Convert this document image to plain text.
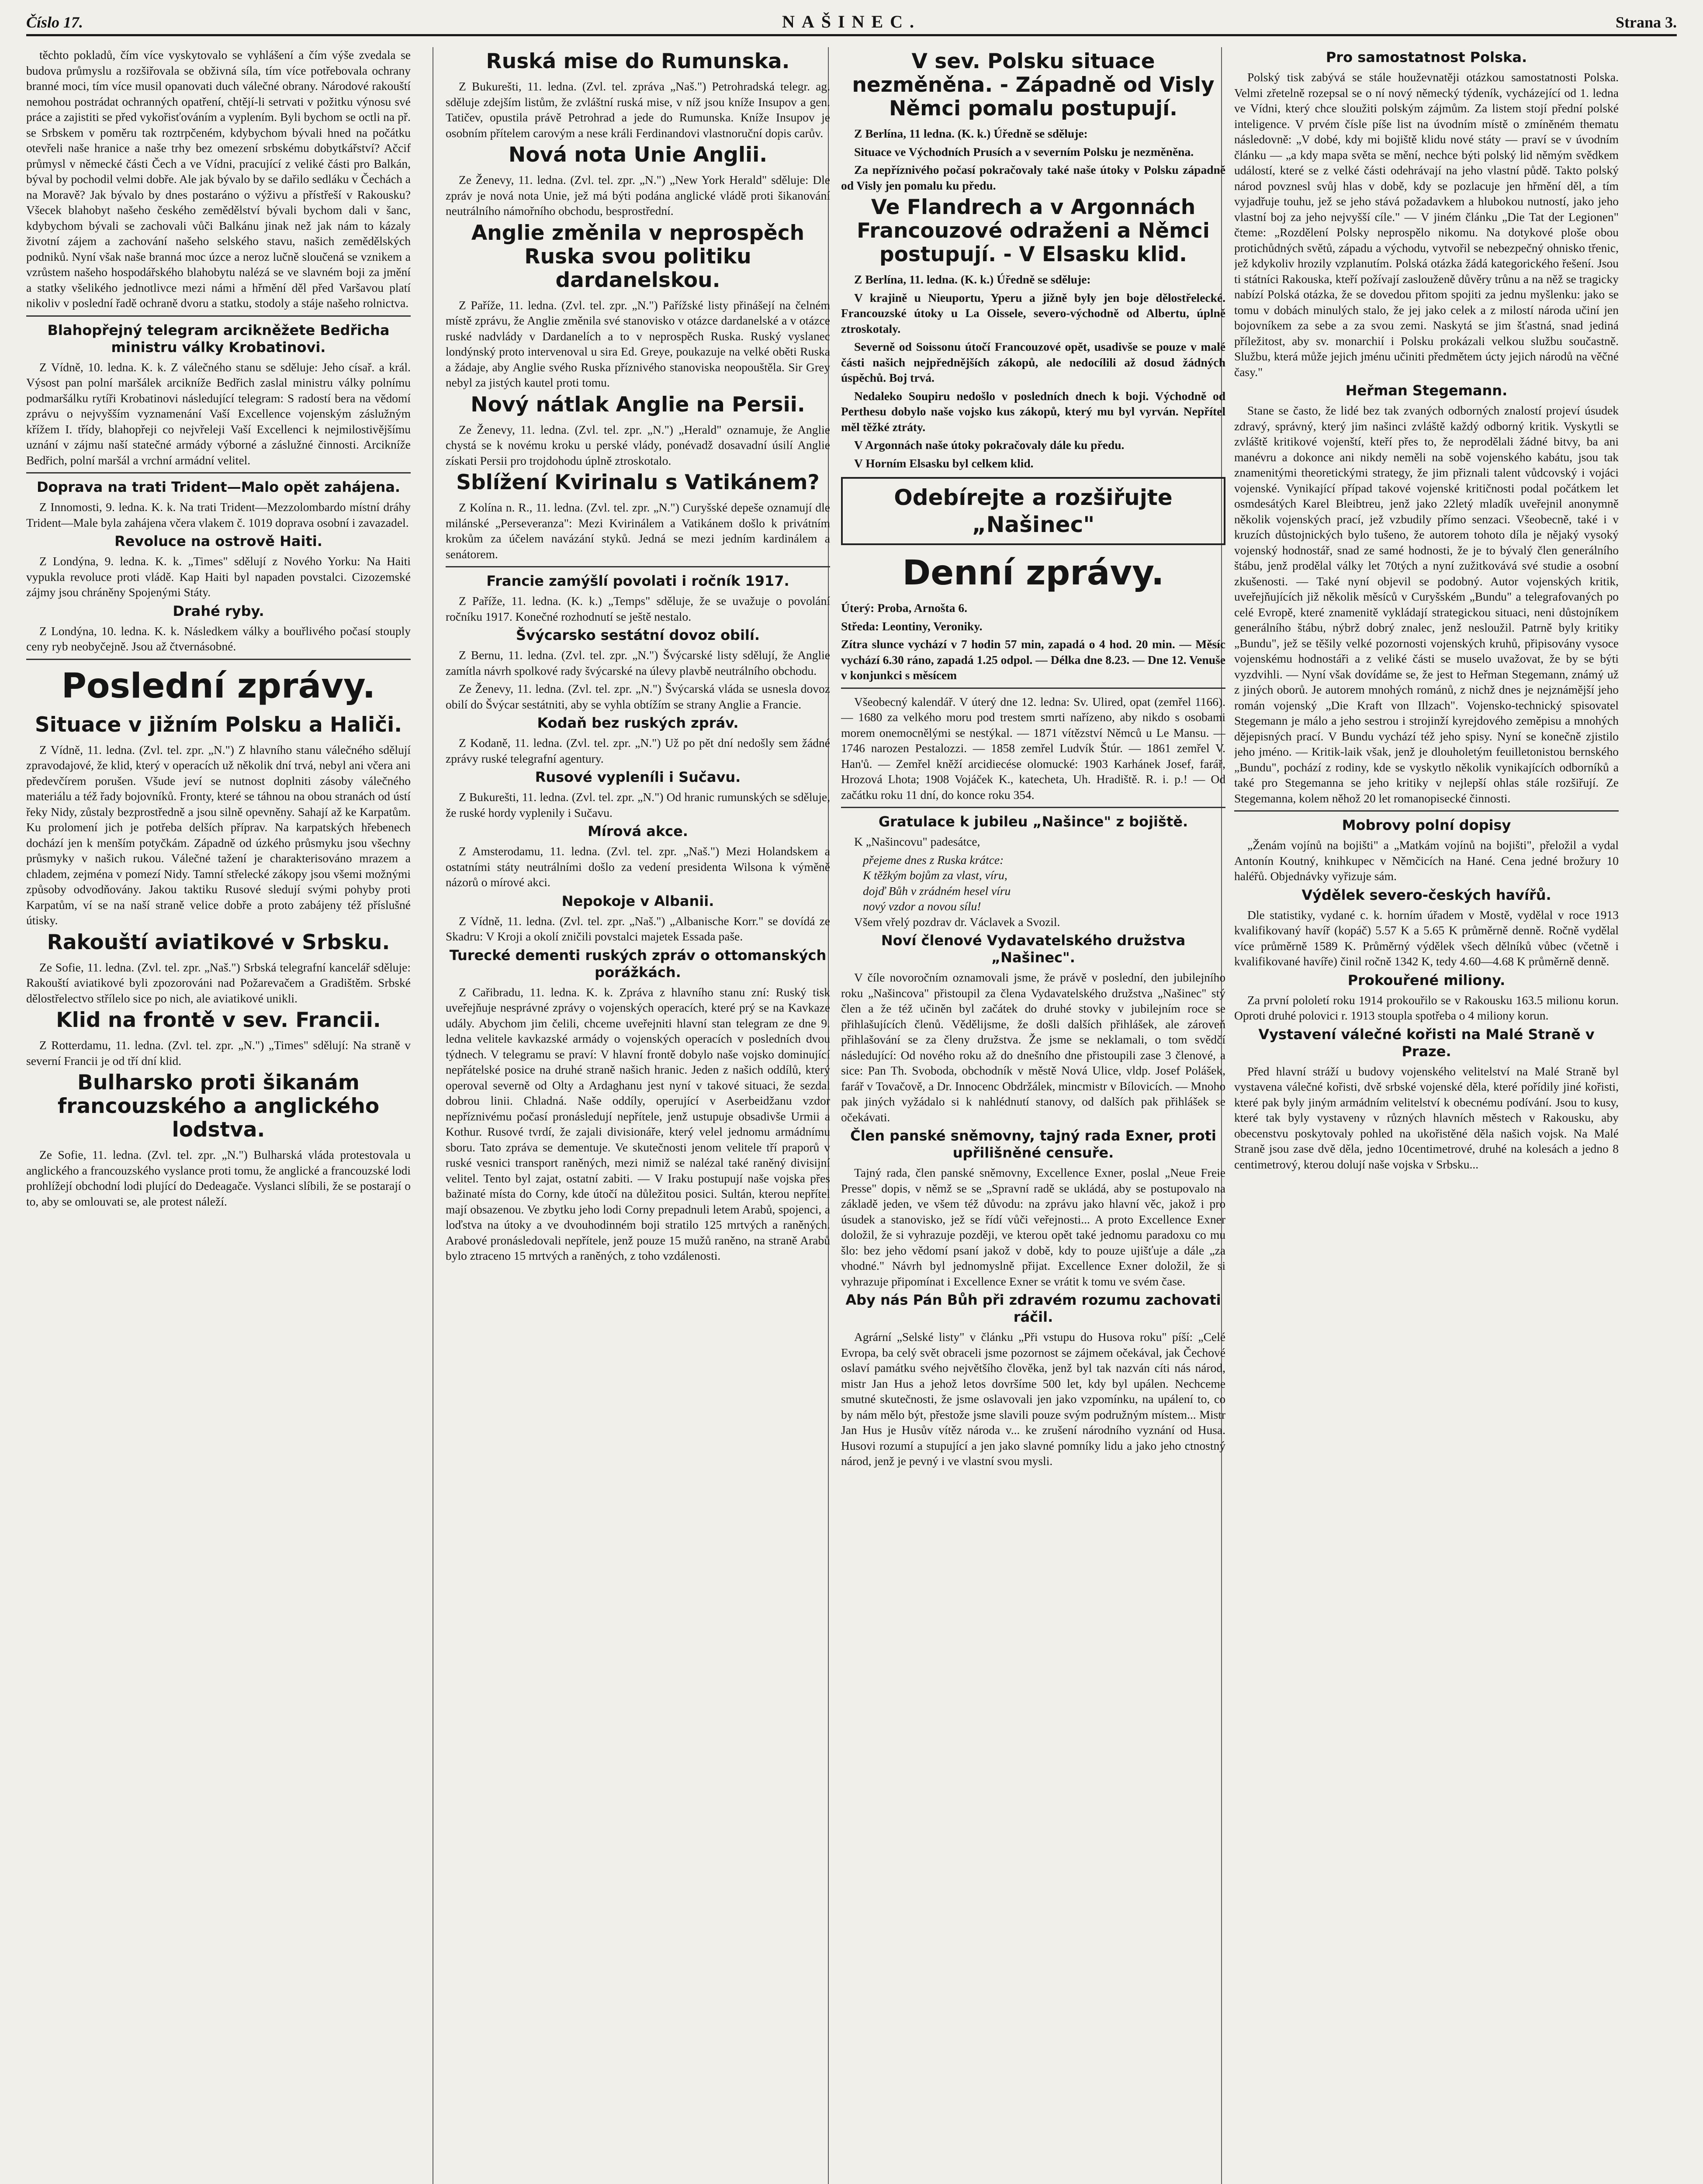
Číslo 17.	NAŠINEC.	Strana 3.

těchto pokladů, čím více vyskytovalo se vyhlášení a čím výše zvedala se budova průmyslu a rozšiřovala se obživná síla, tím více potřebovala ochrany branné moci, tím více musil opanovati duch válečné obrany. Národové rakouští nemohou postrádat ochranných opatření, chtějí-li setrvati v požitku výnosu své práce a zajistiti se před vykořisťováním a vyplením. Byli bychom se octli na př. se Srbskem v poměru tak roztrpčeném, kdybychom bývali hned na počátku otevřeli naše hranice a naše trhy bez omezení srbskému dobytkářství? Ačcif průmysl v německé části Čech a ve Vídni, pracující z veliké části pro Balkán, býval by pochodil velmi dobře. Ale jak bývalo by se dařilo sedláku v Čechách a na Moravě? Jak bývalo by dnes postaráno o výživu a přístřeší v Rakousku? Všecek blahobyt našeho českého zemědělství bývali bychom dali v šanc, kdybychom bývali se zachovali vůči Balkánu jinak než jak nám to kázaly životní zájem a zachování našeho selského stavu, našich zemědělských podniků. Nyní však naše branná moc úzce a neroz lučně sloučená se vznikem a vzrůstem našeho hospodářského blahobytu nalézá se ve slavném boji za jmění a statky všelikého jednotlivce mezi námi a hřmění děl před Varšavou platí nikoliv v poslední řadě ochraně dvoru a statku, stodoly a stáje našeho rolnictva.

Blahopřejný telegram arcikněžete Bedřicha ministru války Krobatinovi.

Z Vídně, 10. ledna. K. k. Z válečného stanu se sděluje: Jeho císař. a král. Výsost pan polní maršálek arcikníže Bedřich zaslal ministru války polnímu podmaršálku rytíři Krobatinovi následující telegram: S radostí bera na vědomí zprávu o nejvyšším vyznamenání Vaší Excellence vojenským záslužným křížem I. třídy, blahopřeji co nejvřeleji Vaší Excellenci k nejmilostivějšímu uznání v zájmu naší statečné armády výborné a záslužné činnosti. Arcikníže Bedřich, polní maršál a vrchní armádní velitel.

Doprava na trati Trident—Malo opět zahájena.

Z Innomosti, 9. ledna. K. k. Na trati Trident—Mezzolombardo místní dráhy Trident—Male byla zahájena včera vlakem č. 1019 doprava osobní i zavazadel.

Revoluce na ostrově Haiti.

Z Londýna, 9. ledna. K. k. „Times" sdělují z Nového Yorku: Na Haiti vypukla revoluce proti vládě. Kap Haiti byl napaden povstalci. Cizozemské zájmy jsou chráněny Spojenými Státy.

Drahé ryby.

Z Londýna, 10. ledna. K. k. Následkem války a bouřlivého počasí stouply ceny ryb neobyčejně. Jsou až čtvernásobné.

Poslední zprávy.
Situace v jižním Polsku a Haliči.

Z Vídně, 11. ledna. (Zvl. tel. zpr. „N.") Z hlavního stanu válečného sdělují zpravodajové, že klid, který v operacích už několik dní trvá, nebyl ani včera ani předevčírem porušen. Všude jeví se nutnost doplniti zásoby válečného materiálu a též řady bojovníků. Fronty, které se táhnou na obou stranách od ústí řeky Nidy, zůstaly bezprostředně a jsou silně opevněny. Sahají až ke Karpatům. Ku prolomení jich je potřeba delších příprav. Na karpatských hřebenech dochází jen k menším potyčkám. Západně od úzkého průsmyku jsou všechny průsmyky v našich rukou. Válečné tažení je charakterisováno mrazem a chladem, zejména v pomezí Nidy. Tamní střelecké zákopy jsou všemi možnými způsoby odvodňovány. Jakou taktiku Rusové sledují svými pohyby proti Karpatům, ví se na naší straně velice dobře a proto zabájeny též příslušné útisky.

Rakouští aviatikové v Srbsku.

Ze Sofie, 11. ledna. (Zvl. tel. zpr. „Naš.") Srbská telegrafní kancelář sděluje: Rakouští aviatikové byli zpozorováni nad Požarevačem a Gradištěm. Srbské dělostřelectvo střílelo sice po nich, ale aviatikové unikli.

Klid na frontě v sev. Francii.

Z Rotterdamu, 11. ledna. (Zvl. tel. zpr. „N.") „Times" sdělují: Na straně v severní Francii je od tří dní klid.

Bulharsko proti šikanám francouzského a anglického lodstva.

Ze Sofie, 11. ledna. (Zvl. tel. zpr. „N.") Bulharská vláda protestovala u anglického a francouzského vyslance proti tomu, že anglické a francouzské lodi prohlížejí obchodní lodi plující do Dedeagače. Vyslanci slíbili, že se postarají o to, aby se omlouvati se, ale protest náleží.

Ruská mise do Rumunska.

Z Bukurešti, 11. ledna. (Zvl. tel. zpráva „Naš.") Petrohradská telegr. ag. sděluje zdejším listům, že zvláštní ruská mise, v níž jsou kníže Insupov a gen. Tatičev, opustila právě Petrohrad a jede do Rumunska. Kníže Insupov je osobním přítelem carovým a nese králi Ferdinandovi vlastnoruční dopis carův.

Nová nota Unie Anglii.

Ze Ženevy, 11. ledna. (Zvl. tel. zpr. „N.") „New York Herald" sděluje: Dle zpráv je nová nota Unie, jež má býti podána anglické vládě proti šikanování neutrálního námořního obchodu, besprostřední.

Anglie změnila v neprospěch Ruska svou politiku dardanelskou.

Z Paříže, 11. ledna. (Zvl. tel. zpr. „N.") Pařížské listy přinášejí na čelném místě zprávu, že Anglie změnila své stanovisko v otázce dardanelské a v otázce ruské nadvlády v Dardanelích a to v neprospěch Ruska. Ruský vyslanec londýnský proto intervenoval u sira Ed. Greye, poukazuje na velké oběti Ruska a žádaje, aby Anglie svého Ruska příznivého stanoviska neopouštěla. Sir Grey nebyl za jistých kautel proti tomu.

Nový nátlak Anglie na Persii.

Ze Ženevy, 11. ledna. (Zvl. tel. zpr. „N.") „Herald" oznamuje, že Anglie chystá se k novému kroku u perské vlády, ponévadž dosavadní úsilí Anglie získati Persii pro trojdohodu úplně ztroskotalo.

Sblížení Kvirinalu s Vatikánem?

Z Kolína n. R., 11. ledna. (Zvl. tel. zpr. „N.") Curyšské depeše oznamují dle milánské „Perseveranza": Mezi Kvirinálem a Vatikánem došlo k privátním krokům za účelem navázání styků. Jedná se mezi jedním kardinálem a senátorem.

Francie zamýšlí povolati i ročník 1917.

Z Paříže, 11. ledna. (K. k.) „Temps" sděluje, že se uvažuje o povolání ročníku 1917. Konečné rozhodnutí se ještě nestalo.

Švýcarsko sestátní dovoz obilí.

Z Bernu, 11. ledna. (Zvl. tel. zpr. „N.") Švýcarské listy sdělují, že Anglie zamítla návrh spolkové rady švýcarské na úlevy plavbě neutrálního obchodu.

Ze Ženevy, 11. ledna. (Zvl. tel. zpr. „N.") Švýcarská vláda se usnesla dovoz obilí do Švýcar sestátniti, aby se vyhla obtížím se strany Anglie a Francie.

Kodaň bez ruských zpráv.

Z Kodaně, 11. ledna. (Zvl. tel. zpr. „N.") Už po pět dní nedošly sem žádné zprávy ruské telegrafní agentury.

Rusové vypleníli i Sučavu.

Z Bukurešti, 11. ledna. (Zvl. tel. zpr. „N.") Od hranic rumunských se sděluje, že ruské hordy vyplenily i Sučavu.

Mírová akce.

Z Amsterodamu, 11. ledna. (Zvl. tel. zpr. „Naš.") Mezi Holandskem a ostatními státy neutrálními došlo za vedení presidenta Wilsona k výměně názorů o mírové akci.

Nepokoje v Albanii.

Z Vídně, 11. ledna. (Zvl. tel. zpr. „Naš.") „Albanische Korr." se dovídá ze Skadru: V Kroji a okolí zničili povstalci majetek Essada paše.

Turecké dementi ruských zpráv o ottomanských porážkách.

Z Cařibradu, 11. ledna. K. k. Zpráva z hlavního stanu zní: Ruský tisk uveřejňuje nesprávné zprávy o vojenských operacích, které prý se na Kavkaze udály. Abychom jim čelili, chceme uveřejniti hlavní stan telegram ze dne 9. ledna velitele kavkazské armády o vojenských operacích v posledních dvou týdnech. V telegramu se praví: V hlavní frontě dobylo naše vojsko dominující nepřátelské posice na druhé straně našich hranic. Jeden z našich oddílů, který operoval severně od Olty a Ardaghanu jest nyní v takové situaci, že sezdal dobrou linii. Chladná. Naše oddíly, operující v Aserbeidžanu vzdor nepříznivému počasí pronásledují nepřítele, jenž ustupuje obsadivše Urmii a Kothur. Rusové tvrdí, že zajali divisionáře, který velel jednomu armádnímu sboru. Tato zpráva se dementuje. Ve skutečnosti jenom velitele tří praporů v ruské vesnici transport raněných, mezi nimiž se nalézal také raněný divisijní velitel. Tento byl zajat, ostatní zabiti. — V Iraku postupují naše vojska přes bažinaté místa do Corny, kde útočí na důležitou posici. Sultán, kterou nepřítel mají obsazenou. Ve zbytku jeho lodi Corny prepadnuli letem Arabů, spojenci, a loďstva na útoky a ve dvouhodinném boji stratilo 125 mrtvých a raněných. Arabové pronásledovali nepřítele, jenž pouze 15 mužů raněno, na straně Arabů bylo ztraceno 15 mrtvých a raněných, z toho vzdálenosti.

V sev. Polsku situace nezměněna. - Západně od Visly Němci pomalu postupují.

Z Berlína, 11 ledna. (K. k.) Úředně se sděluje:

Situace ve Východních Prusích a v severním Polsku je nezměněna.

Za nepříznivého počasí pokračovaly také naše útoky v Polsku západně od Visly jen pomalu ku předu.

Ve Flandrech a v Argonnách Francouzové odraženi a Němci postupují. - V Elsasku klid.

Z Berlína, 11. ledna. (K. k.) Úředně se sděluje:

V krajině u Nieuportu, Yperu a jižně byly jen boje dělostřelecké. Francouzské útoky u La Oissele, severo-východně od Albertu, úplně ztroskotaly.

Severně od Soissonu útočí Francouzové opět, usadivše se pouze v malé části našich nejpřednějších zákopů, ale nedocílili až dosud žádných úspěchů. Boj trvá.

Nedaleko Soupiru nedošlo v posledních dnech k boji. Východně od Perthesu dobylo naše vojsko kus zákopů, který mu byl vyrván. Nepřítel měl těžké ztráty.

V Argonnách naše útoky pokračovaly dále ku předu.

V Horním Elsasku byl celkem klid.

Odebírejte a rozšiřujte „Našinec"
Denní zprávy.

Úterý: Proba, Arnošta 6.

Středa: Leontiny, Veroniky.

Zítra slunce vychází v 7 hodin 57 min, zapadá o 4 hod. 20 min. — Měsíc vychází 6.30 ráno, zapadá 1.25 odpol. — Délka dne 8.23. — Dne 12. Venuše v konjunkci s měsícem

Všeobecný kalendář. V úterý dne 12. ledna: Sv. Ulired, opat (zemřel 1166). — 1680 za velkého moru pod trestem smrti nařízeno, aby nikdo s osobami morem onemocnělými se nestýkal. — 1871 vítězství Němců u Le Mansu. — 1746 narozen Pestalozzi. — 1858 zemřel Ludvík Štúr. — 1861 zemřel V. Han'ů. — Zemřel kněží arcidiecése olomucké: 1903 Karhánek Josef, farář, Hrozová Lhota; 1908 Vojáček K., katecheta, Uh. Hradiště. R. i. p.! — Od začátku roku 11 dní, do konce roku 354.

Gratulace k jubileu „Našince" z bojiště.

K „Našincovu" padesátce,

přejeme dnes z Ruska krátce:

K těžkým bojům za vlast, víru,

dojď Bůh v zrádném hesel víru

nový vzdor a novou sílu!

Všem vřelý pozdrav dr. Václavek a Svozil.

Noví členové Vydavatelského družstva „Našinec".

V číle novoročním oznamovali jsme, že právě v poslední, den jubilejního roku „Našincova" přistoupil za člena Vydavatelského družstva „Našinec" stý člen a že též učiněn byl začátek do druhé stovky v jubilejním roce se přihlašujících členů. Vědělijsme, že došli dalších přihlášek, ale zároveň přihlašování se za členy družstva. Že jsme se neklamali, o tom svědčí následující: Od nového roku až do dnešního dne přistoupili zase 3 členové, a sice: Pan Th. Svoboda, obchodník v městě Nová Ulice, vldp. Josef Polášek, farář v Tovačově, a Dr. Innocenc Obdržálek, mincmistr v Bílovicích. — Mnoho pak jiných vyžádalo si k nahlédnutí stanovy, od dalších pak přihlášek se očekávati.

Člen panské sněmovny, tajný rada Exner, proti upřilišněné censuře.

Tajný rada, člen panské sněmovny, Excellence Exner, poslal „Neue Freie Presse" dopis, v němž se se „Spravní radě se ukládá, aby se postupovalo na základě jeden, ve všem též důvodu: na zprávu jako hlavní věc, jakož i pro úsudek a stanovisko, jež se řídí vůči veřejnosti... A proto Excellence Exner doložil, že si vyhrazuje později, ve kterou opět také jednomu paradoxu co mu šlo: bez jeho vědomí psaní jakož v době, kdy to pouze ujišťuje a dále „za vhodné." Návrh byl jednomyslně přijat. Excellence Exner doložil, že si vyhrazuje připomínat i Excellence Exner se vrátit k tomu ve svém čase.

Aby nás Pán Bůh při zdravém rozumu zachovati ráčil.

Agrární „Selské listy" v článku „Při vstupu do Husova roku" píší: „Celé Evropa, ba celý svět obraceli jsme pozornost se zájmem očekával, jak Čechové oslaví památku svého největšího člověka, jenž byl tak nazván cíti nás národ, mistr Jan Hus a jehož letos dovršíme 500 let, kdy byl upálen. Nechceme smutné skutečnosti, že jsme oslavovali jen jako vzpomínku, na upálení to, co by nám mělo být, přestože jsme slavili pouze svým podružným místem... Mistr Jan Hus je Husův vítěz národa v... ke zrušení národního vyznání od Husa. Husovi rozumí a stupující a jen jako slavné pomníky lidu a jako jeho ctnostný národ, jenž je pevný i ve vlastní svou mysli.

Pro samostatnost Polska.

Polský tisk zabývá se stále houževnatěji otázkou samostatnosti Polska. Velmi zřetelně rozepsal se o ní nový německý týdeník, vycházející od 1. ledna ve Vídni, který chce sloužiti polským zájmům. Za listem stojí přední polské inteligence. V prvém čísle píše list na úvodním místě o zmíněném thematu následovně: „V dobé, kdy mi bojiště klidu nové státy — praví se v úvodním článku — „a kdy mapa světa se mění, nechce býti polský lid němým svědkem událostí, které se z velké části odehrávají na jeho vlastní půdě. Takto polský národ povznesl svůj hlas v době, kdy se pozlacuje jen hřmění děl, a tím vyjadřuje touhu, jež se jeho stává požadavkem a hlubokou nutností, jako jeho vlastní boj za jeho nejvyšší cíle." — V jiném článku „Die Tat der Legionen" čteme: „Rozdělení Polsky neprospělo nikomu. Na dotykové ploše obou protichůdných světů, západu a východu, vytvořil se nebezpečný ohnisko třenic, jež kdykoliv hrozily vzplanutím. Polská otázka žádá kategorického řešení. Jsou ti státníci Rakouska, kteří požívají zaslouženě důvěry trůnu a na něž se tragicky nabízí Polská otázka, že se dovedou přitom spojiti za jednu myšlenku: jako se tomu v dobách minulých stalo, že jej jako celek a z milostí národa učiní jen bojovníkem za sebe a za svou zemi. Naskytá se jim šťastná, snad jediná příležitost, aby sv. monarchií i Polsku prokázali velkou službu součastně. Službu, která může jejich jménu učiniti předmětem úcty jejich národů na věčné časy."

Heřman Stegemann.

Stane se často, že lidé bez tak zvaných odborných znalostí projeví úsudek zdravý, správný, který jim našinci zvláště každý odborný kritik. Vyskytli se zvláště kritikové vojenští, kteří přes to, že neprodělali žádné bitvy, ba ani manévru a dokonce ani nikdy neměli na sobě vojenského kabátu, jsou tak znamenitými theoretickými strategy, že jim přiznali talent vůdcovský i vojáci vojenské. Vynikající případ takové vojenské kritičnosti podal počátkem let osmdesátých Karel Bleibtreu, jenž jako 22letý mladík uveřejnil anonymně několik vojenských prací, jež vzbudily přímo senzaci. Všeobecně, také i v kruzích důstojnických bylo tušeno, že autorem tohoto díla je nějaký vysoký vojenský hodnostář, snad ze samé hodnosti, že je to bývalý člen generálního štábu, jenž prodělal války let 70tých a nyní zužitkovává své studie a osobní zkušenosti. — Také nyní objevil se podobný. Autor vojenských kritik, uveřejňujících již několik měsíců v Curyšském „Bundu" a telegrafovaných po celé Evropě, které znamenitě vykládají strategickou situaci, neni důstojníkem generálního štábu, nýbrž dobrý znalec, jenž nesloužil. Patrně byly kritiky „Bundu", jež se těšily velké pozornosti vojenských kruhů, připisovány vysoce vojenskému hodnostáři a z veliké části se muselo uvažovat, že by se býti vyzdvihli. — Nyní však dovídáme se, že jest to Heřman Stegemann, známý už z jiných oborů. Je autorem mnohých románů, z nichž dnes je nejznámější jeho román vojenský „Die Kraft von Illzach". Vojensko-technický spisovatel Stegemann je málo a jeho sestrou i strojinží kyrejdového zeměpisu a mnohých dějepisných prací. V Bundu vychází též jeho spisy. Nyní se konečně zjistilo jeho jméno. — Kritik-laik však, jenž je dlouholetým feuilletonistou bernského „Bundu", pochází z rodiny, kde se vyskytlo několik vynikajících odborníků a také pro Stegemanna se jeho kritiky v nejlepší ohlas stále rozšiřují. Ze Stegemanna, kolem něhož 20 let romanopisecké činnosti.

Mobrovy polní dopisy

„Ženám vojínů na bojišti" a „Matkám vojínů na bojišti", přeložil a vydal Antonín Koutný, knihkupec v Němčicích na Hané. Cena jedné brožury 10 haléřů. Objednávky vyřizuje sám.

Výdělek severo-českých havířů.

Dle statistiky, vydané c. k. horním úřadem v Mostě, vydělal v roce 1913 kvalifikovaný havíř (kopáč) 5.57 K a 5.65 K průměrně denně. Ročně vydělal více průměrně 1589 K. Průměrný výdělek všech dělníků vůbec (včetně i kvalifikované havíře) činil ročně 1342 K, tedy 4.60—4.68 K průměrně denně.

Prokouřené miliony.

Za první pololetí roku 1914 prokouřilo se v Rakousku 163.5 milionu korun. Oproti druhé polovici r. 1913 stoupla spotřeba o 4 miliony korun.

Vystavení válečné kořisti na Malé Straně v Praze.

Před hlavní stráží u budovy vojenského velitelství na Malé Straně byl vystavena válečné kořisti, dvě srbské vojenské děla, které pořídily jiné kořisti, které pak byly jiným armádním velitelství k obecnému podívání. Jsou to kusy, které tak byly vystaveny v různých hlavních městech v Rakousku, aby obecenstvu poskytovaly pohled na ukořistěné děla našich vojsk. Na Malé Straně jsou zase dvě děla, jedno 10centimetrové, druhé na kolesách a jedno 8 centimetrový, kterou dolují naše vojska v Srbsku...
